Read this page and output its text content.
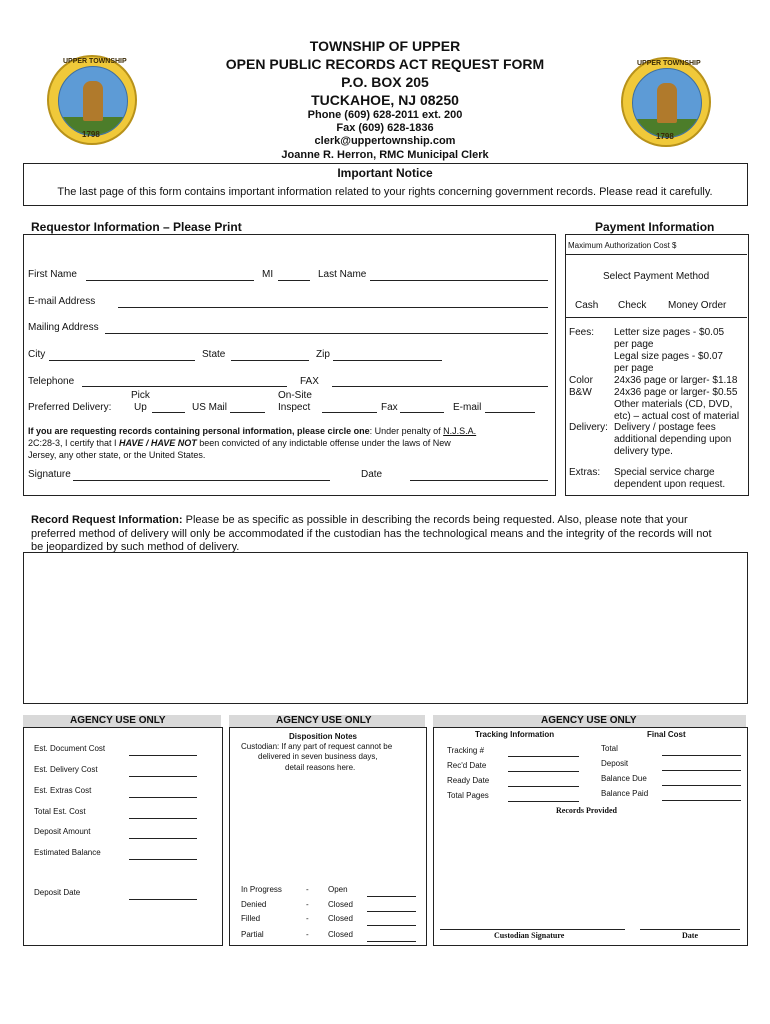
UPPER TOWNSHIP
1798
UPPER TOWNSHIP
1798
TOWNSHIP OF UPPER
OPEN PUBLIC RECORDS ACT REQUEST FORM
P.O. BOX 205
TUCKAHOE, NJ 08250
Phone (609) 628-2011 ext. 200
Fax (609) 628-1836
clerk@uppertownship.com
Joanne R. Herron, RMC Municipal Clerk
Important Notice
The last page of this form contains important information related to your rights concerning government records. Please read it carefully.
Requestor Information – Please Print	Payment Information
First Name	MI	Last Name
E-mail Address
Mailing Address
City	State	Zip
Telephone	FAX
Pick	On-Site
Preferred Delivery: Up	US Mail	Inspect	Fax	E-mail
If you are requesting records containing personal information, please circle one: Under penalty of N.J.S.A.
2C:28-3, I certify that I HAVE / HAVE NOT been convicted of any indictable offense under the laws of New
Jersey, any other state, or the United States.
Signature	Date
Maximum Authorization Cost $
Select Payment Method
Cash Check Money Order
Fees: Letter size pages - $0.05
per page
Legal size pages - $0.07
per page
Color 24x36 page or larger- $1.18
B&W 24x36 page or larger- $0.55
Other materials (CD, DVD,
etc) – actual cost of material
Delivery: Delivery / postage fees
additional depending upon
delivery type.
Extras: Special service charge
dependent upon request.
Record Request Information: Please be as specific as possible in describing the records being requested. Also, please note that your
preferred method of delivery will only be accommodated if the custodian has the technological means and the integrity of the records will not
be jeopardized by such method of delivery.
AGENCY USE ONLY
Est. Document Cost
Est. Delivery Cost
Est. Extras Cost
Total Est. Cost
Deposit Amount
Estimated Balance
Deposit Date
AGENCY USE ONLY
Disposition Notes
Custodian: If any part of request cannot be
delivered in seven business days,
detail reasons here.
In Progress	- Open
Denied	- Closed
Filled	- Closed
Partial	- Closed
AGENCY USE ONLY
Tracking Information	Final Cost
Tracking #
Rec'd Date
Ready Date
Total Pages
Total
Deposit
Balance Due
Balance Paid
Records Provided
Custodian Signature	Date
